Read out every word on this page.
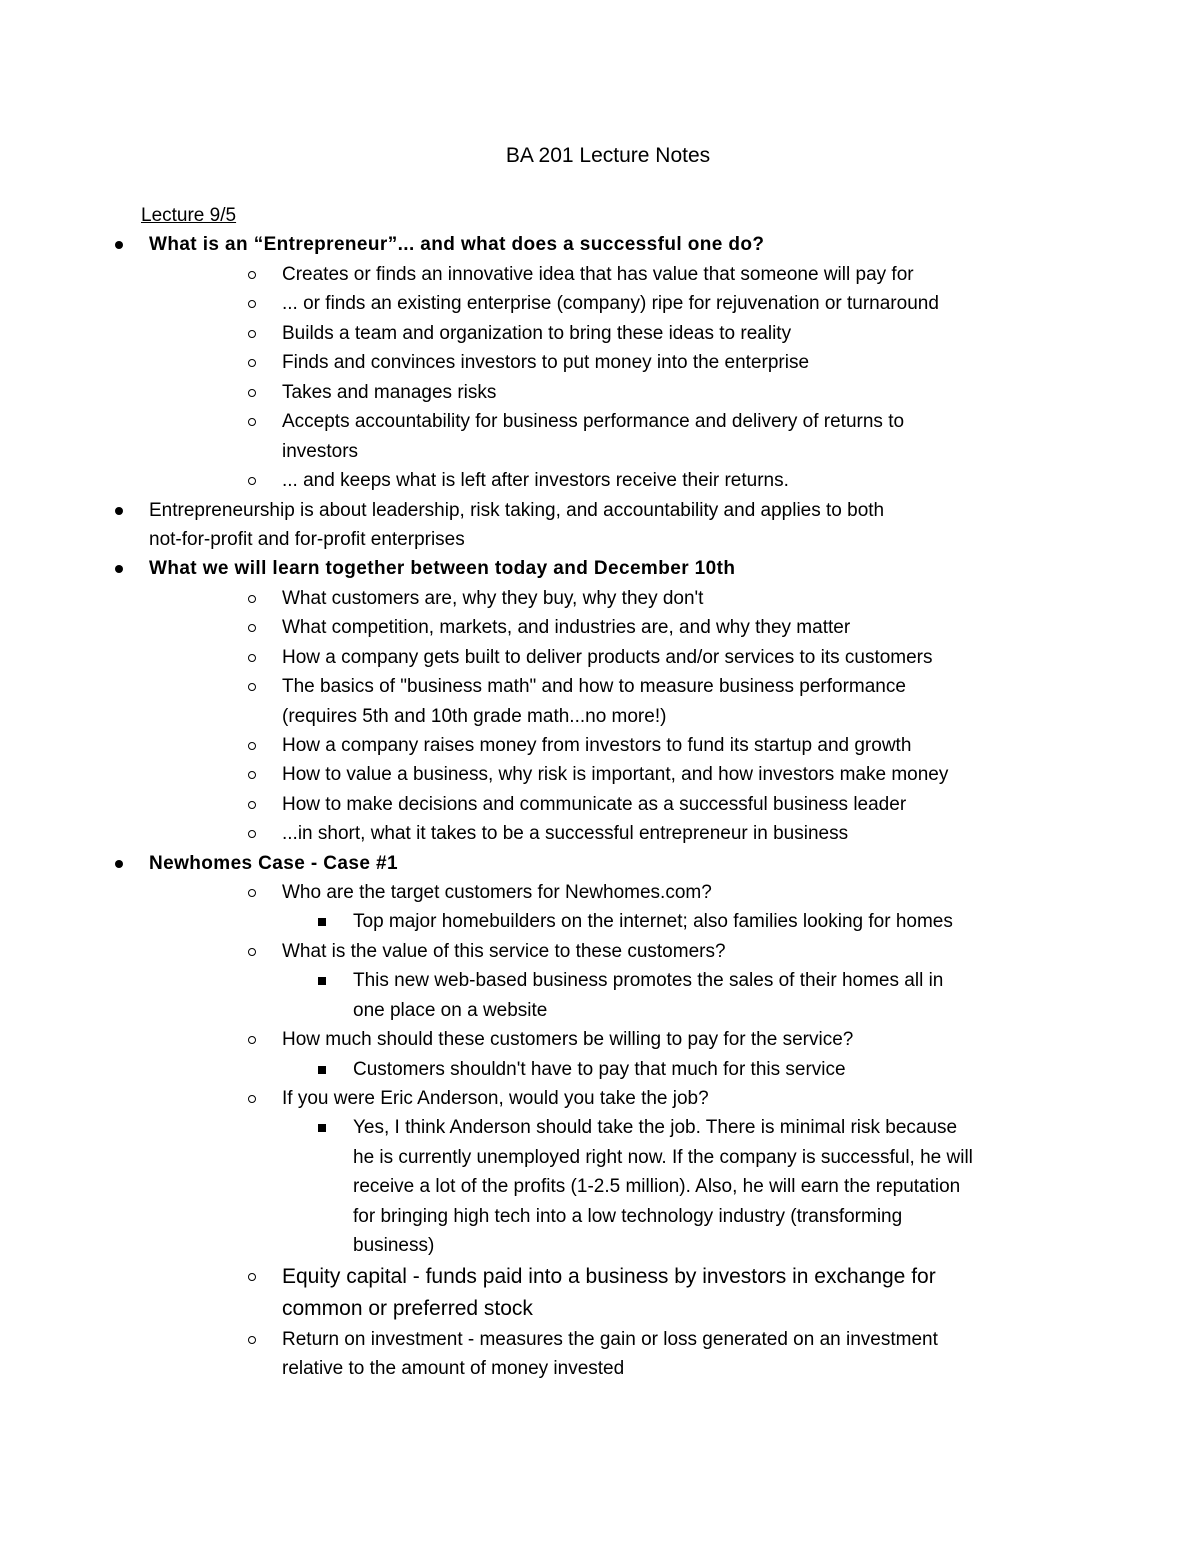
BA 201 Lecture Notes
Lecture 9/5
What is an “Entrepreneur”... and what does a successful one do?
Creates or finds an innovative idea that has value that someone will pay for
... or finds an existing enterprise (company) ripe for rejuvenation or turnaround
Builds a team and organization to bring these ideas to reality
Finds and convinces investors to put money into the enterprise
Takes and manages risks
Accepts accountability for business performance and delivery of returns to
investors
... and keeps what is left after investors receive their returns.
Entrepreneurship is about leadership, risk taking, and accountability and applies to both
not-for-profit and for-profit enterprises
What we will learn together between today and December 10th
What customers are, why they buy, why they don't
What competition, markets, and industries are, and why they matter
How a company gets built to deliver products and/or services to its customers
The basics of "business math" and how to measure business performance
(requires 5th and 10th grade math...no more!)
How a company raises money from investors to fund its startup and growth
How to value a business, why risk is important, and how investors make money
How to make decisions and communicate as a successful business leader
...in short, what it takes to be a successful entrepreneur in business
Newhomes Case - Case #1
Who are the target customers for Newhomes.com?
Top major homebuilders on the internet; also families looking for homes
What is the value of this service to these customers?
This new web-based business promotes the sales of their homes all in
one place on a website
How much should these customers be willing to pay for the service?
Customers shouldn't have to pay that much for this service
If you were Eric Anderson, would you take the job?
Yes, I think Anderson should take the job. There is minimal risk because
he is currently unemployed right now. If the company is successful, he will
receive a lot of the profits (1-2.5 million). Also, he will earn the reputation
for bringing high tech into a low technology industry (transforming
business)
Equity capital - funds paid into a business by investors in exchange for
common or preferred stock
Return on investment - measures the gain or loss generated on an investment
relative to the amount of money invested
